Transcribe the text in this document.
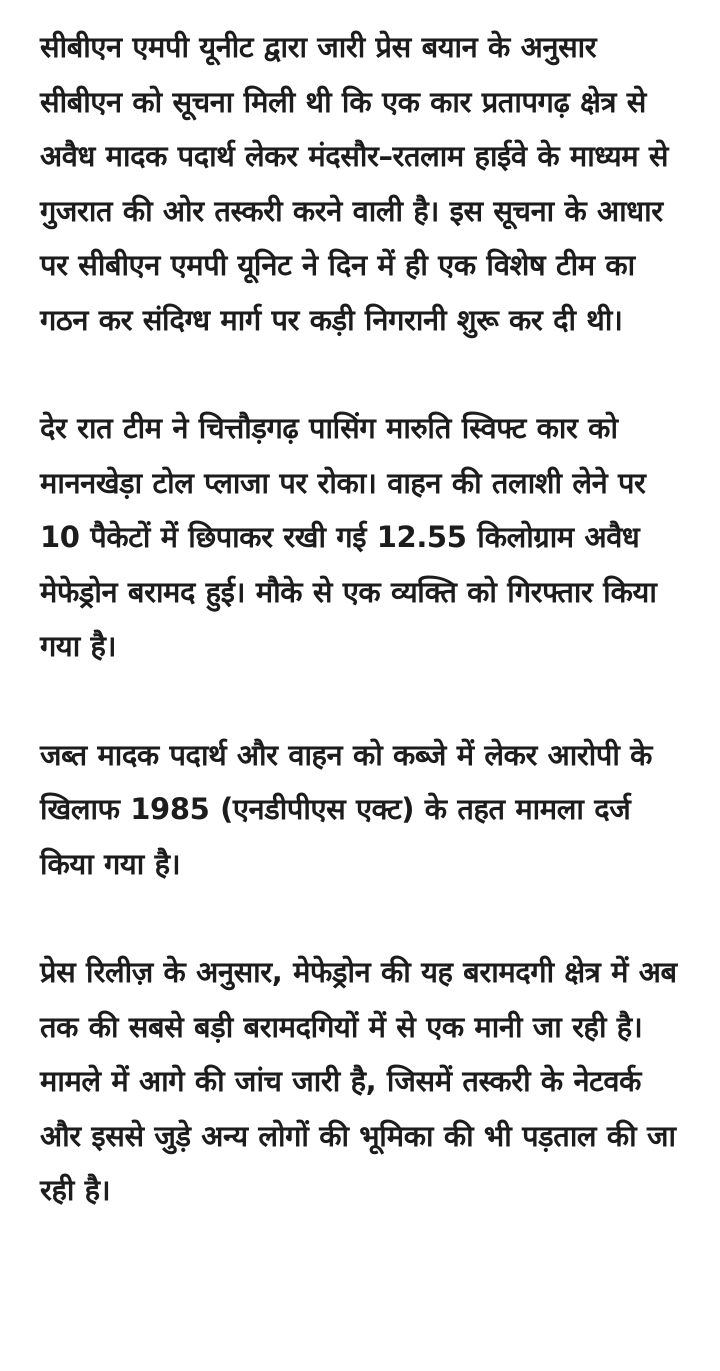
सीबीएन एमपी यूनीट द्वारा जारी प्रेस बयान के अनुसार सीबीएन को सूचना मिली थी कि एक कार प्रतापगढ़ क्षेत्र से अवैध मादक पदार्थ लेकर मंदसौर–रतलाम हाईवे के माध्यम से गुजरात की ओर तस्करी करने वाली है। इस सूचना के आधार पर सीबीएन एमपी यूनिट ने दिन में ही एक विशेष टीम का गठन कर संदिग्ध मार्ग पर कड़ी निगरानी शुरू कर दी थी।

देर रात टीम ने चित्तौड़गढ़ पासिंग मारुति स्विफ्ट कार को माननखेड़ा टोल प्लाजा पर रोका। वाहन की तलाशी लेने पर 10 पैकेटों में छिपाकर रखी गई 12.55 किलोग्राम अवैध मेफेड्रोन बरामद हुई। मौके से एक व्यक्ति को गिरफ्तार किया गया है।

जब्त मादक पदार्थ और वाहन को कब्जे में लेकर आरोपी के खिलाफ 1985 (एनडीपीएस एक्ट) के तहत मामला दर्ज किया गया है।

प्रेस रिलीज़ के अनुसार, मेफेड्रोन की यह बरामदगी क्षेत्र में अब तक की सबसे बड़ी बरामदगियों में से एक मानी जा रही है। मामले में आगे की जांच जारी है, जिसमें तस्करी के नेटवर्क और इससे जुड़े अन्य लोगों की भूमिका की भी पड़ताल की जा रही है।
